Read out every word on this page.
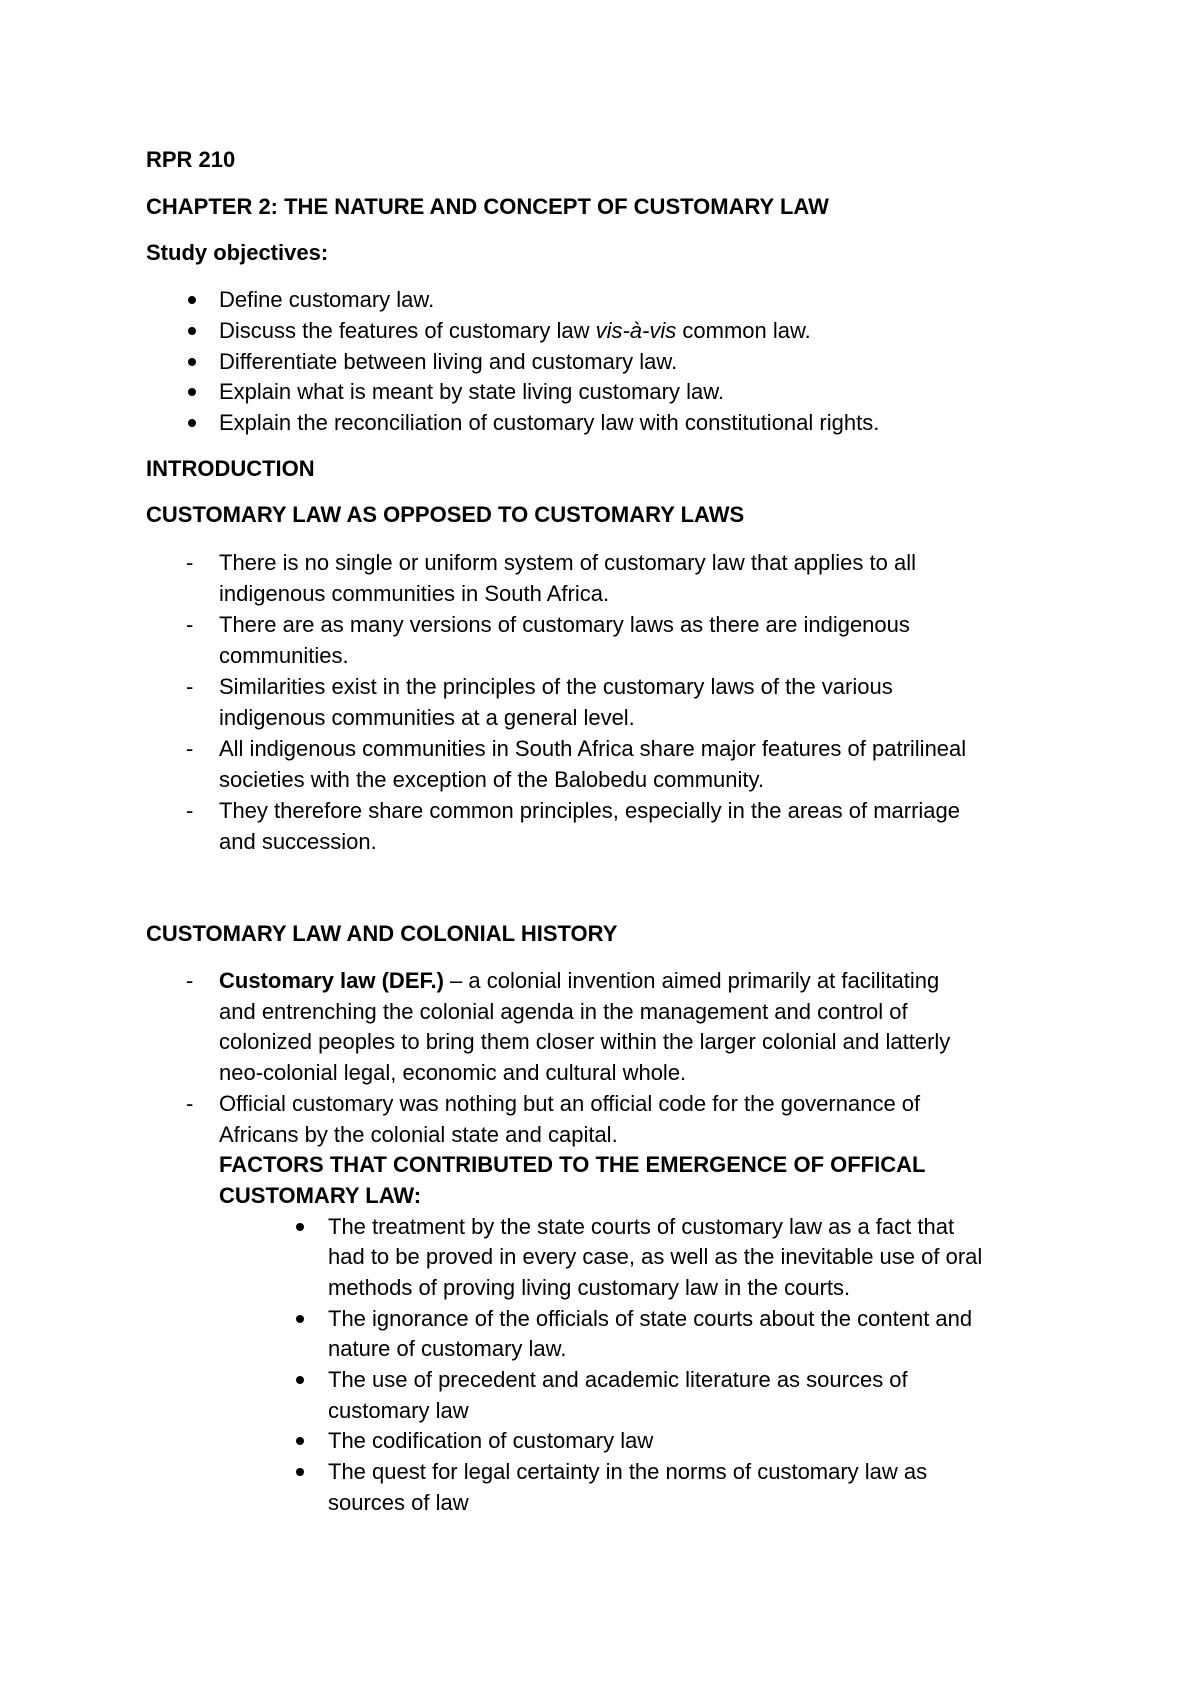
RPR 210
CHAPTER 2: THE NATURE AND CONCEPT OF CUSTOMARY LAW
Study objectives:
Define customary law.
Discuss the features of customary law vis-à-vis common law.
Differentiate between living and customary law.
Explain what is meant by state living customary law.
Explain the reconciliation of customary law with constitutional rights.
INTRODUCTION
CUSTOMARY LAW AS OPPOSED TO CUSTOMARY LAWS
- There is no single or uniform system of customary law that applies to all
indigenous communities in South Africa.
- There are as many versions of customary laws as there are indigenous
communities.
- Similarities exist in the principles of the customary laws of the various
indigenous communities at a general level.
- All indigenous communities in South Africa share major features of patrilineal
societies with the exception of the Balobedu community.
- They therefore share common principles, especially in the areas of marriage
and succession.
CUSTOMARY LAW AND COLONIAL HISTORY
- Customary law (DEF.) – a colonial invention aimed primarily at facilitating
and entrenching the colonial agenda in the management and control of
colonized peoples to bring them closer within the larger colonial and latterly
neo-colonial legal, economic and cultural whole.
- Official customary was nothing but an official code for the governance of
Africans by the colonial state and capital.
FACTORS THAT CONTRIBUTED TO THE EMERGENCE OF OFFICAL
CUSTOMARY LAW:
The treatment by the state courts of customary law as a fact that
had to be proved in every case, as well as the inevitable use of oral
methods of proving living customary law in the courts.
The ignorance of the officials of state courts about the content and
nature of customary law.
The use of precedent and academic literature as sources of
customary law
The codification of customary law
The quest for legal certainty in the norms of customary law as
sources of law
